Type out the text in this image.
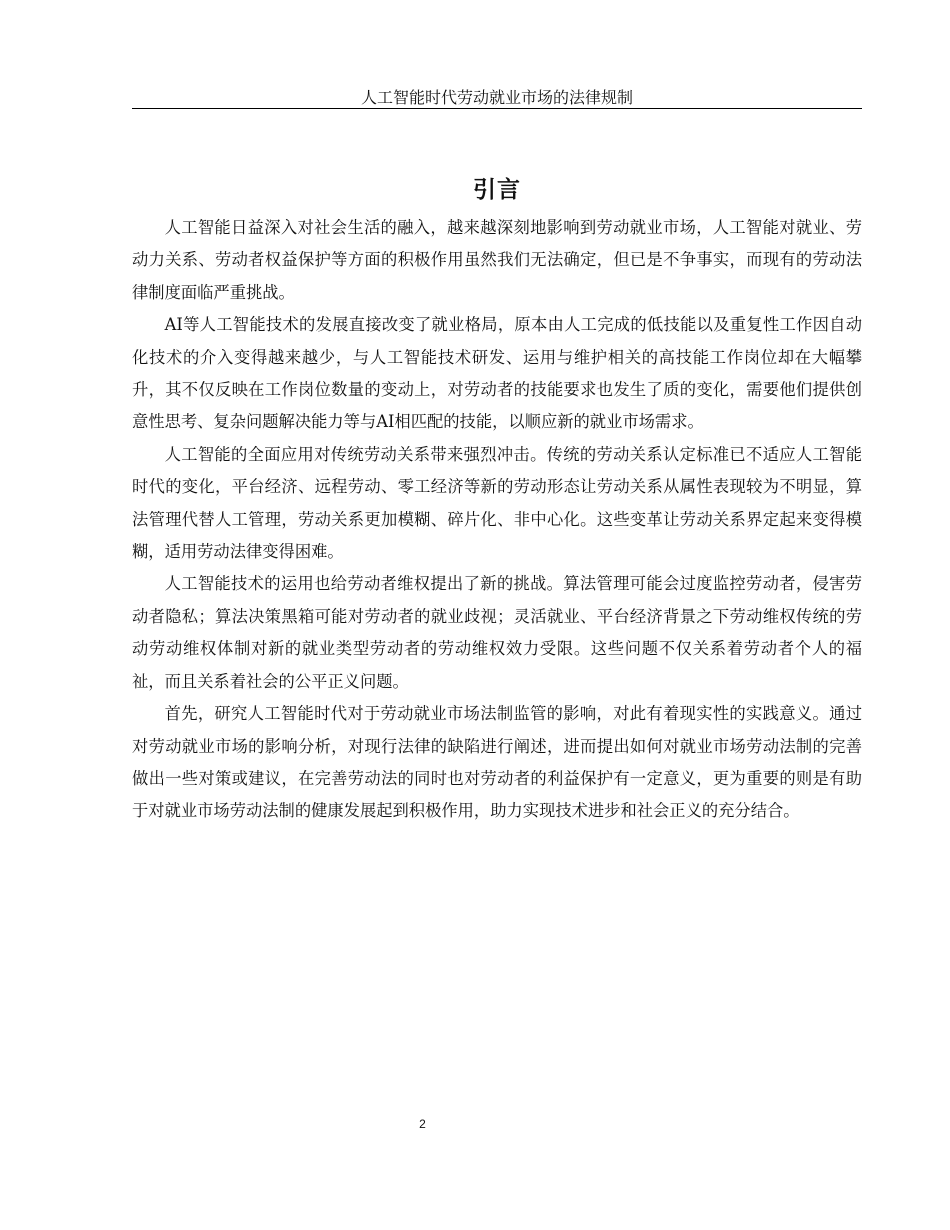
人工智能时代劳动就业市场的法律规制
引言

人工智能日益深入对社会生活的融入，越来越深刻地影响到劳动就业市场，人工智能对就业、劳动力关系、劳动者权益保护等方面的积极作用虽然我们无法确定，但已是不争事实，而现有的劳动法律制度面临严重挑战。

AI等人工智能技术的发展直接改变了就业格局，原本由人工完成的低技能以及重复性工作因自动化技术的介入变得越来越少，与人工智能技术研发、运用与维护相关的高技能工作岗位却在大幅攀升，其不仅反映在工作岗位数量的变动上，对劳动者的技能要求也发生了质的变化，需要他们提供创意性思考、复杂问题解决能力等与AI相匹配的技能，以顺应新的就业市场需求。

人工智能的全面应用对传统劳动关系带来强烈冲击。传统的劳动关系认定标准已不适应人工智能时代的变化，平台经济、远程劳动、零工经济等新的劳动形态让劳动关系从属性表现较为不明显，算法管理代替人工管理，劳动关系更加模糊、碎片化、非中心化。这些变革让劳动关系界定起来变得模糊，适用劳动法律变得困难。

人工智能技术的运用也给劳动者维权提出了新的挑战。算法管理可能会过度监控劳动者，侵害劳动者隐私；算法决策黑箱可能对劳动者的就业歧视；灵活就业、平台经济背景之下劳动维权传统的劳动劳动维权体制对新的就业类型劳动者的劳动维权效力受限。这些问题不仅关系着劳动者个人的福祉，而且关系着社会的公平正义问题。

首先，研究人工智能时代对于劳动就业市场法制监管的影响，对此有着现实性的实践意义。通过对劳动就业市场的影响分析，对现行法律的缺陷进行阐述，进而提出如何对就业市场劳动法制的完善做出一些对策或建议，在完善劳动法的同时也对劳动者的利益保护有一定意义，更为重要的则是有助于对就业市场劳动法制的健康发展起到积极作用，助力实现技术进步和社会正义的充分结合。

2
